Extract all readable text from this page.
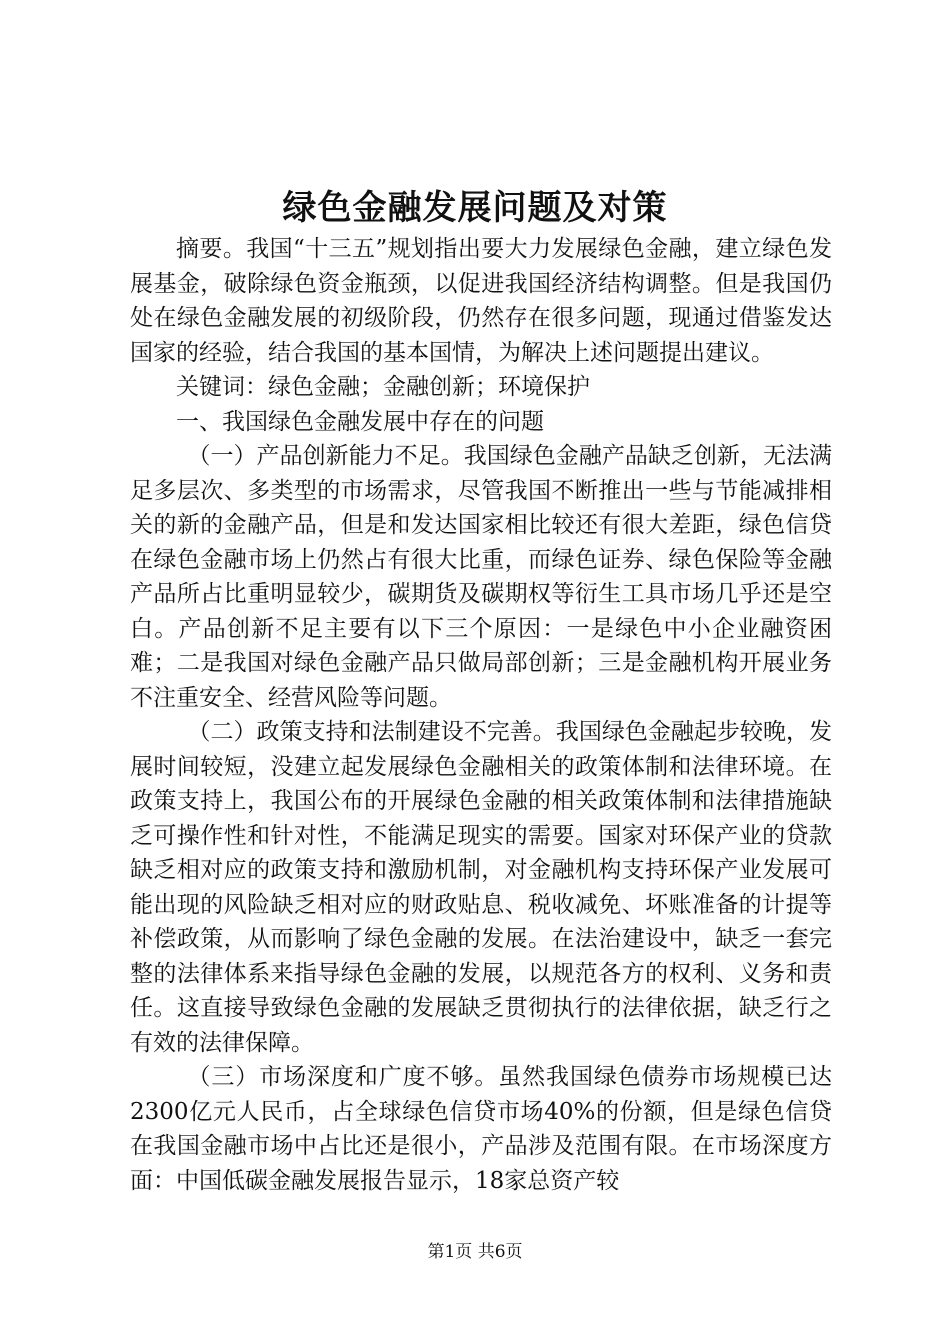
绿色金融发展问题及对策

摘要。我国“十三五”规划指出要大力发展绿色金融，建立绿色发展基金，破除绿色资金瓶颈，以促进我国经济结构调整。但是我国仍处在绿色金融发展的初级阶段，仍然存在很多问题，现通过借鉴发达国家的经验，结合我国的基本国情，为解决上述问题提出建议。

关键词：绿色金融；金融创新；环境保护

一、我国绿色金融发展中存在的问题

（一）产品创新能力不足。我国绿色金融产品缺乏创新，无法满足多层次、多类型的市场需求，尽管我国不断推出一些与节能减排相关的新的金融产品，但是和发达国家相比较还有很大差距，绿色信贷在绿色金融市场上仍然占有很大比重，而绿色证券、绿色保险等金融产品所占比重明显较少，碳期货及碳期权等衍生工具市场几乎还是空白。产品创新不足主要有以下三个原因：一是绿色中小企业融资困难；二是我国对绿色金融产品只做局部创新；三是金融机构开展业务不注重安全、经营风险等问题。

（二）政策支持和法制建设不完善。我国绿色金融起步较晚，发展时间较短，没建立起发展绿色金融相关的政策体制和法律环境。在政策支持上，我国公布的开展绿色金融的相关政策体制和法律措施缺乏可操作性和针对性，不能满足现实的需要。国家对环保产业的贷款缺乏相对应的政策支持和激励机制，对金融机构支持环保产业发展可能出现的风险缺乏相对应的财政贴息、税收减免、坏账准备的计提等补偿政策，从而影响了绿色金融的发展。在法治建设中，缺乏一套完整的法律体系来指导绿色金融的发展，以规范各方的权利、义务和责任。这直接导致绿色金融的发展缺乏贯彻执行的法律依据，缺乏行之有效的法律保障。

（三）市场深度和广度不够。虽然我国绿色债券市场规模已达2300亿元人民币，占全球绿色信贷市场40%的份额，但是绿色信贷在我国金融市场中占比还是很小，产品涉及范围有限。在市场深度方面：中国低碳金融发展报告显示，18家总资产较

第1页 共6页
